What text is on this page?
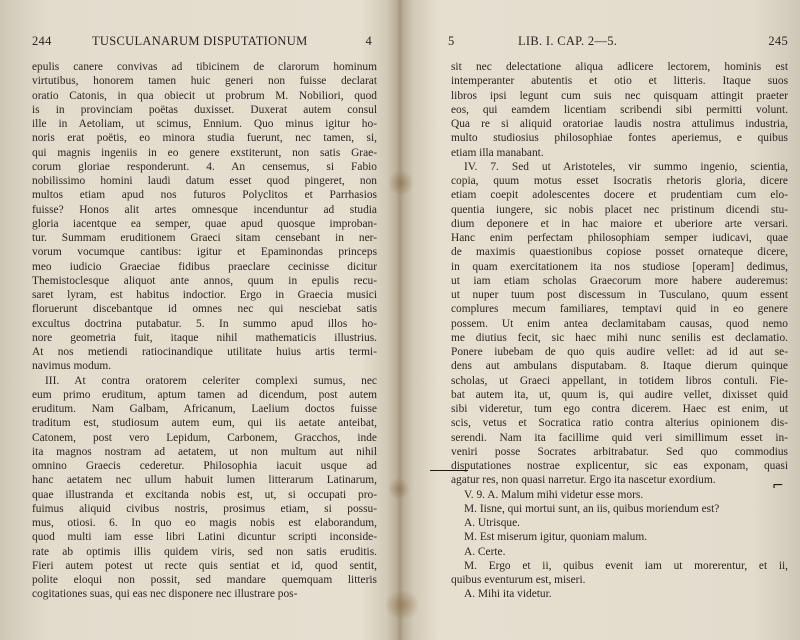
244	TUSCULANARUM DISPUTATIONUM	4
epulis canere convivas ad tibicinem de clarorum hominum
virtutibus, honorem tamen huic generi non fuisse declarat
oratio Catonis, in qua obiecit ut probrum M. Nobiliori, quod
is in provinciam poëtas duxisset. Duxerat autem consul
ille in Aetoliam, ut scimus, Ennium. Quo minus igitur ho-
noris erat poëtis, eo minora studia fuerunt, nec tamen, si,
qui magnis ingeniis in eo genere exstiterunt, non satis Grae-
corum gloriae responderunt. 4. An censemus, si Fabio
nobilissimo homini laudi datum esset quod pingeret, non
multos etiam apud nos futuros Polyclitos et Parrhasios
fuisse? Honos alit artes omnesque incenduntur ad studia
gloria iacentque ea semper, quae apud quosque improban-
tur. Summam eruditionem Graeci sitam censebant in ner-
vorum vocumque cantibus: igitur et Epaminondas princeps
meo iudicio Graeciae fidibus praeclare cecinisse dicitur
Themistoclesque aliquot ante annos, quum in epulis recu-
saret lyram, est habitus indoctior. Ergo in Graecia musici
floruerunt discebantque id omnes nec qui nesciebat satis
excultus doctrina putabatur. 5. In summo apud illos ho-
nore geometria fuit, itaque nihil mathematicis illustrius.
At nos metiendi ratiocinandique utilitate huius artis termi-
navimus modum.
III. At contra oratorem celeriter complexi sumus, nec
eum primo eruditum, aptum tamen ad dicendum, post autem
eruditum. Nam Galbam, Africanum, Laelium doctos fuisse
traditum est, studiosum autem eum, qui iis aetate anteibat,
Catonem, post vero Lepidum, Carbonem, Gracchos, inde
ita magnos nostram ad aetatem, ut non multum aut nihil
omnino Graecis cederetur. Philosophia iacuit usque ad
hanc aetatem nec ullum habuit lumen litterarum Latinarum,
quae illustranda et excitanda nobis est, ut, si occupati pro-
fuimus aliquid civibus nostris, prosimus etiam, si possu-
mus, otiosi. 6. In quo eo magis nobis est elaborandum,
quod multi iam esse libri Latini dicuntur scripti inconside-
rate ab optimis illis quidem viris, sed non satis eruditis.
Fieri autem potest ut recte quis sentiat et id, quod sentit,
polite eloqui non possit, sed mandare quemquam litteris
cogitationes suas, qui eas nec disponere nec illustrare pos-
5	LIB. I. CAP. 2—5.	245
sit nec delectatione aliqua adlicere lectorem, hominis est
intemperanter abutentis et otio et litteris. Itaque suos
libros ipsi legunt cum suis nec quisquam attingit praeter
eos, qui eamdem licentiam scribendi sibi permitti volunt.
Qua re si aliquid oratoriae laudis nostra attulimus industria,
multo studiosius philosophiae fontes aperiemus, e quibus
etiam illa manabant.
IV. 7. Sed ut Aristoteles, vir summo ingenio, scientia,
copia, quum motus esset Isocratis rhetoris gloria, dicere
etiam coepit adolescentes docere et prudentiam cum elo-
quentia iungere, sic nobis placet nec pristinum dicendi stu-
dium deponere et in hac maiore et uberiore arte versari.
Hanc enim perfectam philosophiam semper iudicavi, quae
de maximis quaestionibus copiose posset ornateque dicere,
in quam exercitationem ita nos studiose [operam] dedimus,
ut iam etiam scholas Graecorum more habere auderemus:
ut nuper tuum post discessum in Tusculano, quum essent
complures mecum familiares, temptavi quid in eo genere
possem. Ut enim antea declamitabam causas, quod nemo
me diutius fecit, sic haec mihi nunc senilis est declamatio.
Ponere iubebam de quo quis audire vellet: ad id aut se-
dens aut ambulans disputabam. 8. Itaque dierum quinque
scholas, ut Graeci appellant, in totidem libros contuli. Fie-
bat autem ita, ut, quum is, qui audire vellet, dixisset quid
sibi videretur, tum ego contra dicerem. Haec est enim, ut
scis, vetus et Socratica ratio contra alterius opinionem dis-
serendi. Nam ita facillime quid veri simillimum esset in-
veniri posse Socrates arbitrabatur. Sed quo commodius
disputationes nostrae explicentur, sic eas exponam, quasi
agatur res, non quasi narretur. Ergo ita nascetur exordium.
V. 9. A. Malum mihi videtur esse mors.
M. Iisne, qui mortui sunt, an iis, quibus moriendum est?
A. Utrisque.
M. Est miserum igitur, quoniam malum.
A. Certe.
M. Ergo et ii, quibus evenit iam ut morerentur, et ii,
quibus eventurum est, miseri.
A. Mihi ita videtur.
⌐
